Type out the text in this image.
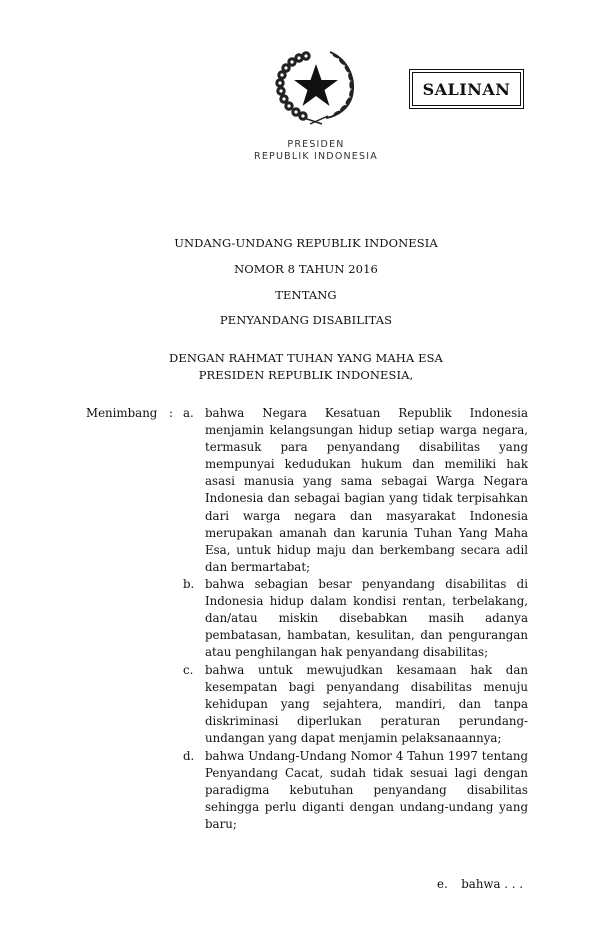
SALINAN
PRESIDEN
REPUBLIK INDONESIA
UNDANG-UNDANG REPUBLIK INDONESIA
NOMOR 8 TAHUN 2016
TENTANG
PENYANDANG DISABILITAS
DENGAN RAHMAT TUHAN YANG MAHA ESA
PRESIDEN REPUBLIK INDONESIA,
Menimbang : a. bahwa Negara Kesatuan Republik Indonesia
menjamin kelangsungan hidup setiap warga negara,
termasuk para penyandang disabilitas yang
mempunyai kedudukan hukum dan memiliki hak
asasi manusia yang sama sebagai Warga Negara
Indonesia dan sebagai bagian yang tidak terpisahkan
dari warga negara dan masyarakat Indonesia
merupakan amanah dan karunia Tuhan Yang Maha
Esa, untuk hidup maju dan berkembang secara adil
dan bermartabat;
b. bahwa sebagian besar penyandang disabilitas di
Indonesia hidup dalam kondisi rentan, terbelakang,
dan/atau miskin disebabkan masih adanya
pembatasan, hambatan, kesulitan, dan pengurangan
atau penghilangan hak penyandang disabilitas;
c. bahwa untuk mewujudkan kesamaan hak dan
kesempatan bagi penyandang disabilitas menuju
kehidupan yang sejahtera, mandiri, dan tanpa
diskriminasi diperlukan peraturan perundang-
undangan yang dapat menjamin pelaksanaannya;
d. bahwa Undang-Undang Nomor 4 Tahun 1997 tentang
Penyandang Cacat, sudah tidak sesuai lagi dengan
paradigma kebutuhan penyandang disabilitas
sehingga perlu diganti dengan undang-undang yang
baru;
e. bahwa . . .
